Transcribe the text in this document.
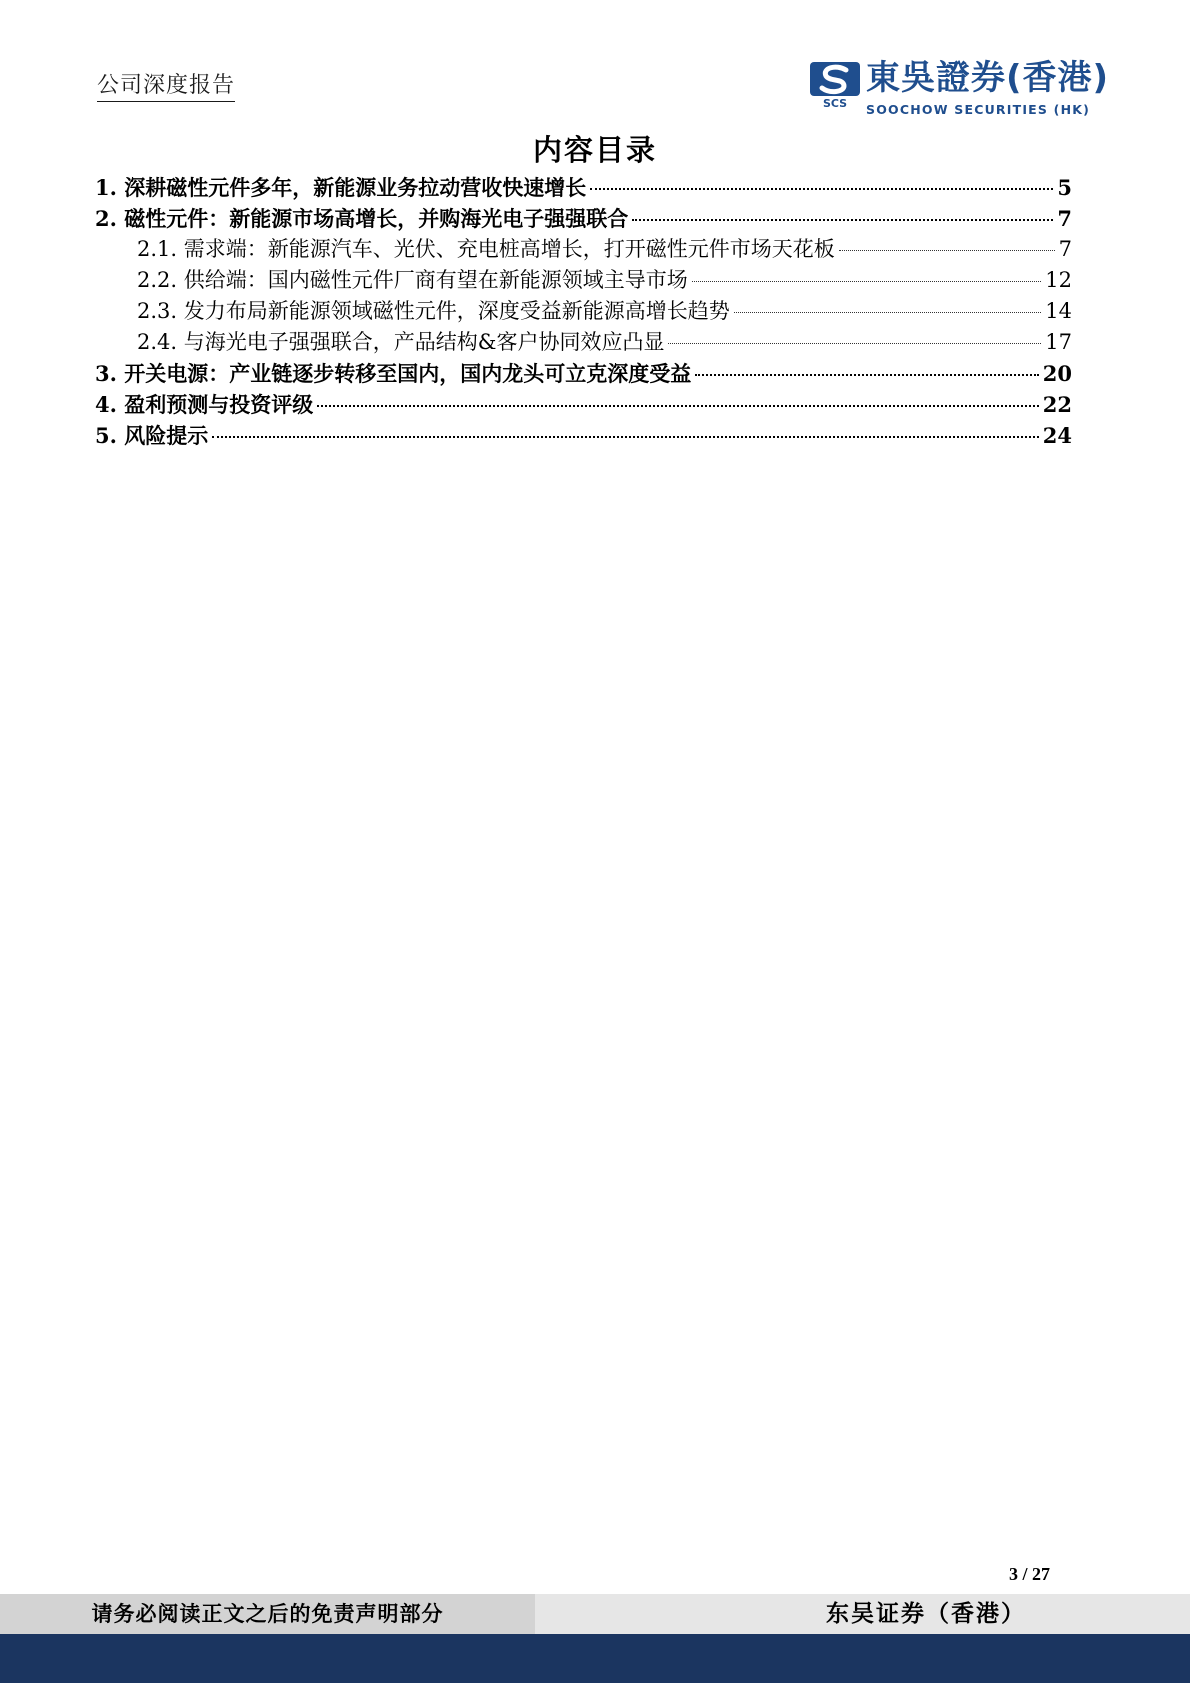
公司深度报告
SCS
東吳證券(香港)
SOOCHOW SECURITIES (HK)
内容目录
1. 深耕磁性元件多年，新能源业务拉动营收快速增长	5
2. 磁性元件：新能源市场高增长，并购海光电子强强联合	7
2.1. 需求端：新能源汽车、光伏、充电桩高增长，打开磁性元件市场天花板	7
2.2. 供给端：国内磁性元件厂商有望在新能源领域主导市场	12
2.3. 发力布局新能源领域磁性元件，深度受益新能源高增长趋势	14
2.4. 与海光电子强强联合，产品结构&客户协同效应凸显	17
3. 开关电源：产业链逐步转移至国内，国内龙头可立克深度受益	20
4. 盈利预测与投资评级	22
5. 风险提示	24
3 / 27
请务必阅读正文之后的免责声明部分	东吴证券（香港）
